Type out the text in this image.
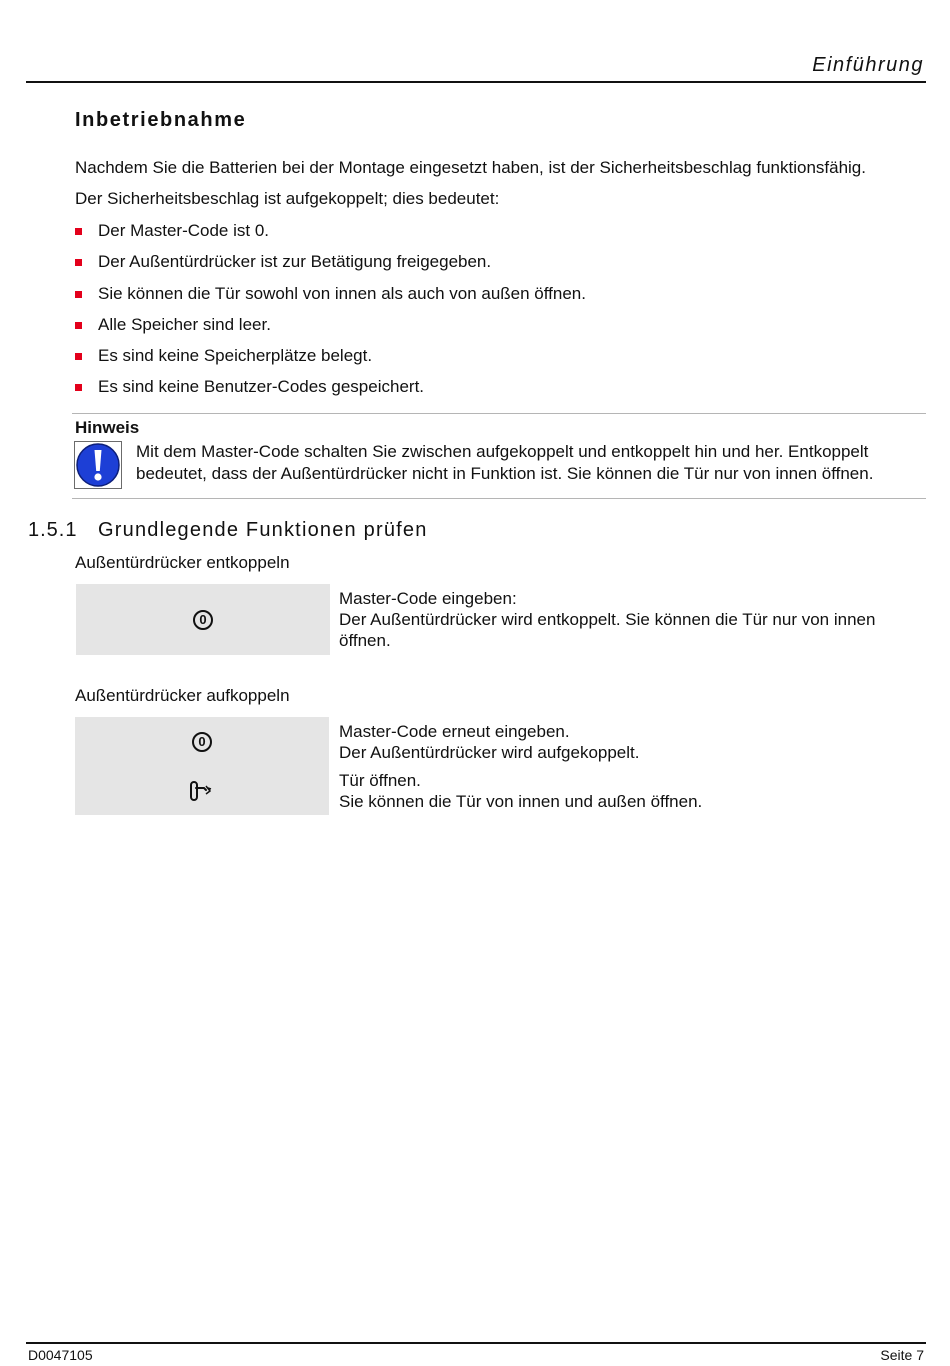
Einführung
Inbetriebnahme
Nachdem Sie die Batterien bei der Montage eingesetzt haben, ist der Sicherheitsbeschlag funktionsfähig.
Der Sicherheitsbeschlag ist aufgekoppelt; dies bedeutet:
Der Master-Code ist 0.
Der Außentürdrücker ist zur Betätigung freigegeben.
Sie können die Tür sowohl von innen als auch von außen öffnen.
Alle Speicher sind leer.
Es sind keine Speicherplätze belegt.
Es sind keine Benutzer-Codes gespeichert.
Hinweis
Mit dem Master-Code schalten Sie zwischen aufgekoppelt und entkoppelt hin und her. Entkoppelt bedeutet, dass der Außentürdrücker nicht in Funktion ist. Sie können die Tür nur von innen öffnen.
1.5.1 Grundlegende Funktionen prüfen
Außentürdrücker entkoppeln
0
Master-Code eingeben:
Der Außentürdrücker wird entkoppelt. Sie können die Tür nur von innen öffnen.
Außentürdrücker aufkoppeln
0
Master-Code erneut eingeben.
Der Außentürdrücker wird aufgekoppelt.
Tür öffnen.
Sie können die Tür von innen und außen öffnen.
D0047105	Seite 7
